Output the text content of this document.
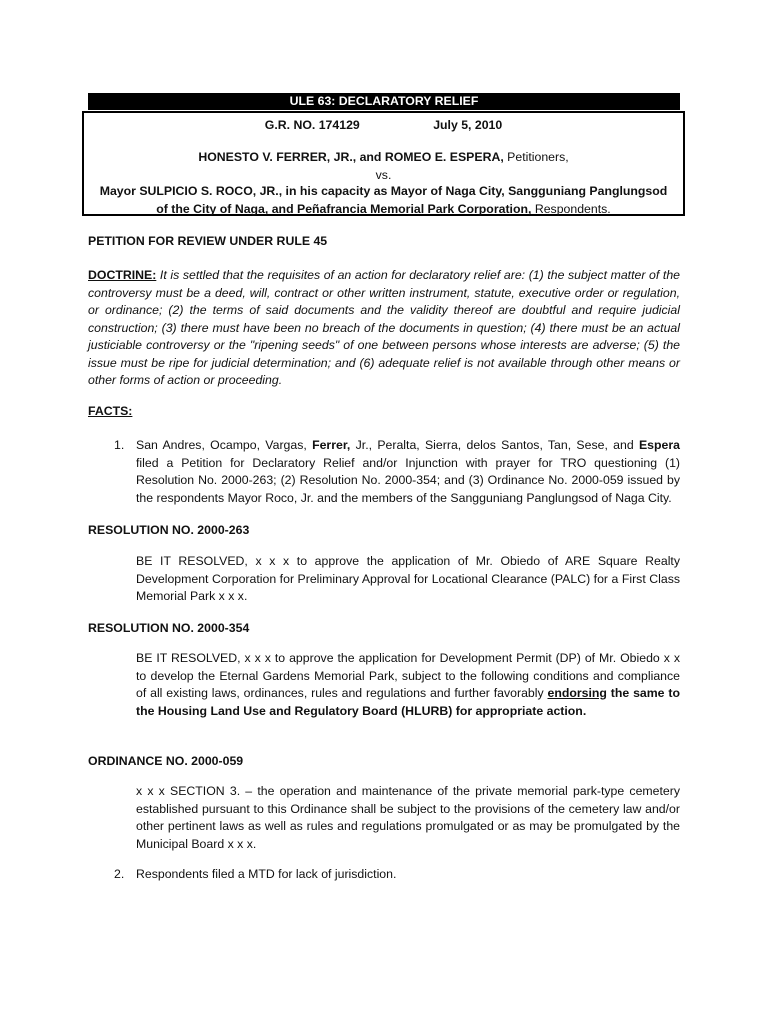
ULE 63: DECLARATORY RELIEF
G.R. NO. 174129	July 5, 2010
HONESTO V. FERRER, JR., and ROMEO E. ESPERA, Petitioners,
vs.
Mayor SULPICIO S. ROCO, JR., in his capacity as Mayor of Naga City, Sangguniang Panglungsod
of the City of Naga, and Peñafrancia Memorial Park Corporation, Respondents.
PETITION FOR REVIEW UNDER RULE 45
DOCTRINE: It is settled that the requisites of an action for declaratory relief are: (1) the subject matter of the controversy must be a deed, will, contract or other written instrument, statute, executive order or regulation, or ordinance; (2) the terms of said documents and the validity thereof are doubtful and require judicial construction; (3) there must have been no breach of the documents in question; (4) there must be an actual justiciable controversy or the "ripening seeds" of one between persons whose interests are adverse; (5) the issue must be ripe for judicial determination; and (6) adequate relief is not available through other means or other forms of action or proceeding.
FACTS:
1. San Andres, Ocampo, Vargas, Ferrer, Jr., Peralta, Sierra, delos Santos, Tan, Sese, and Espera filed a Petition for Declaratory Relief and/or Injunction with prayer for TRO questioning (1) Resolution No. 2000-263; (2) Resolution No. 2000-354; and (3) Ordinance No. 2000-059 issued by the respondents Mayor Roco, Jr. and the members of the Sangguniang Panglungsod of Naga City.
RESOLUTION NO. 2000-263
BE IT RESOLVED, x x x to approve the application of Mr. Obiedo of ARE Square Realty Development Corporation for Preliminary Approval for Locational Clearance (PALC) for a First Class Memorial Park x x x.
RESOLUTION NO. 2000-354
BE IT RESOLVED, x x x to approve the application for Development Permit (DP) of Mr. Obiedo x x to develop the Eternal Gardens Memorial Park, subject to the following conditions and compliance of all existing laws, ordinances, rules and regulations and further favorably endorsing the same to the Housing Land Use and Regulatory Board (HLURB) for appropriate action.
ORDINANCE NO. 2000-059
x x x SECTION 3. – the operation and maintenance of the private memorial park-type cemetery established pursuant to this Ordinance shall be subject to the provisions of the cemetery law and/or other pertinent laws as well as rules and regulations promulgated or as may be promulgated by the Municipal Board x x x.
2. Respondents filed a MTD for lack of jurisdiction.
